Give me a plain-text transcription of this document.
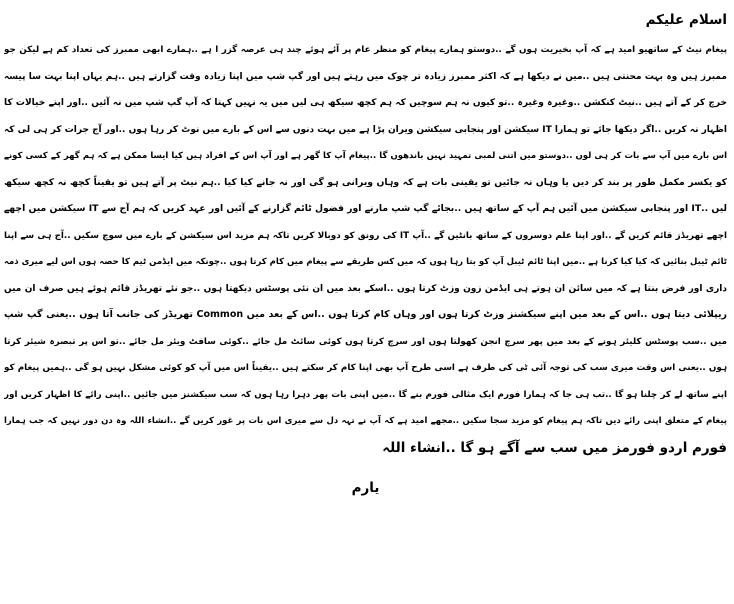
اسلام علیکم
پیغام نیٹ کے ساتھیو امید ہے کہ آپ بخیریت ہوں گے ..دوستو ہمارے پیغام کو منظر عام پر آئے ہوئے چند ہی عرصہ گزر ا ہے ..ہمارے ابھی ممبرز کی تعداد کم ہے لیکن جو
ممبرز ہیں وہ بہت محنتی ہیں ..میں نے دیکھا ہے کہ اکثر ممبرز زیادہ تر چوک میں رہتے ہیں اور گپ شپ میں اپنا زیادہ وقت گزارتے ہیں ..ہم یہاں اپنا بہت سا پیسہ
خرچ کر کے آتے ہیں ..نیٹ کنکشن ..وغیرہ وغیرہ ..تو کیوں نہ ہم سوچیں کہ ہم کچھ سیکھ ہی لیں میں یہ نہیں کہتا کہ آپ گپ شپ میں نہ آئیں ..اور اپنے خیالات کا
اظہار نہ کریں ..اگر دیکھا جائے تو ہمارا IT سیکشن اور پنجابی سیکشن ویران پڑا ہے میں بہت دنوں سے اس کے بارے میں نوٹ کر رہا ہوں ..اور آج جرات کر ہی لی کہ
اس بارے میں آپ سے بات کر ہی لوں ..دوستو میں اتنی لمبی تمہید نہیں باندھوں گا ..پیغام آپ کا گھر ہے اور آپ اس کے افراد ہیں کیا ایسا ممکن ہے کہ ہم گھر کے کسی کونے
کو یکسر مکمل طور پر بند کر دیں یا وہاں نہ جائیں تو یقینی بات ہے کہ وہاں ویرانی ہو گی اور نہ جانے کیا کیا ..ہم نیٹ پر آتے ہیں تو یقیناً کچھ نہ کچھ سیکھ
لیں ..IT اور پنجابی سیکشن میں آئیں ہم آپ کے ساتھ ہیں ..بجائے گپ شپ مارنے اور فضول ٹائم گزارنے کے آئیں اور عہد کریں کہ ہم آج سے IT سیکشن میں اچھے
اچھے تھریڈز قائم کریں گے ..اور اپنا علم دوسروں کے ساتھ بانٹیں گے ..آپ IT کی رونق کو دوبالا کریں تاکہ ہم مزید اس سیکشن کے بارے میں سوچ سکیں ..آج ہی سے اپنا
ٹائم ٹیبل بنائیں کہ کیا کیا کرنا ہے ..میں اپنا ٹائم ٹیبل آپ کو بتا رہا ہوں کہ میں کس طریقے سے پیغام میں کام کرتا ہوں ..چونکہ میں ایڈمن ٹیم کا حصہ ہوں اس لیے میری ذمہ
داری اور فرض بنتا ہے کہ میں سائن ان ہوتے ہی ایڈمن زون وزٹ کرتا ہوں ..اسکے بعد میں ان نئی پوسٹس دیکھتا ہوں ..جو نئے تھریڈز قائم ہوئے ہیں صرف ان میں
ریپلائی دیتا ہوں ..اس کے بعد میں اپنے سیکشنز وزٹ کرتا ہوں اور وہاں کام کرتا ہوں ..اس کے بعد میں Common تھریڈز کی جانب آتا ہوں ..یعنی گپ شپ
میں ..سب پوسٹس کلیئر ہونے کے بعد میں پھر سرچ انجن کھولتا ہوں اور سرچ کرتا ہوں کوئی سائٹ مل جائے ..کوئی سافٹ ویئر مل جائے ..تو اس پر تبصرہ شیئر کرتا
ہوں ..یعنی اس وقت میری سب کی توجہ آئی ٹی کی طرف ہے اسی طرح آپ بھی اپنا کام کر سکتے ہیں ..یقیناً اس میں آپ کو کوئی مشکل نہیں ہو گی ..ہمیں پیغام کو
اپنے ساتھ لے کر چلنا ہو گا ..تب ہی جا کہ ہمارا فورم ایک مثالی فورم بنے گا ..میں اپنی بات پھر دہرا رہا ہوں کہ سب سیکشنز میں جائیں ..اپنی رائے کا اظہار کریں اور
پیغام کے متعلق اپنی رائے دیں تاکہ ہم پیغام کو مزید سجا سکیں ..مجھے امید ہے کہ آپ نے تہہ دل سے میری اس بات پر غور کریں گے ..انشاء اللہ وہ دن دور نہیں کہ جب ہمارا
فورم اردو فورمز میں سب سے آگے ہو گا ..انشاء اللہ
یارم
